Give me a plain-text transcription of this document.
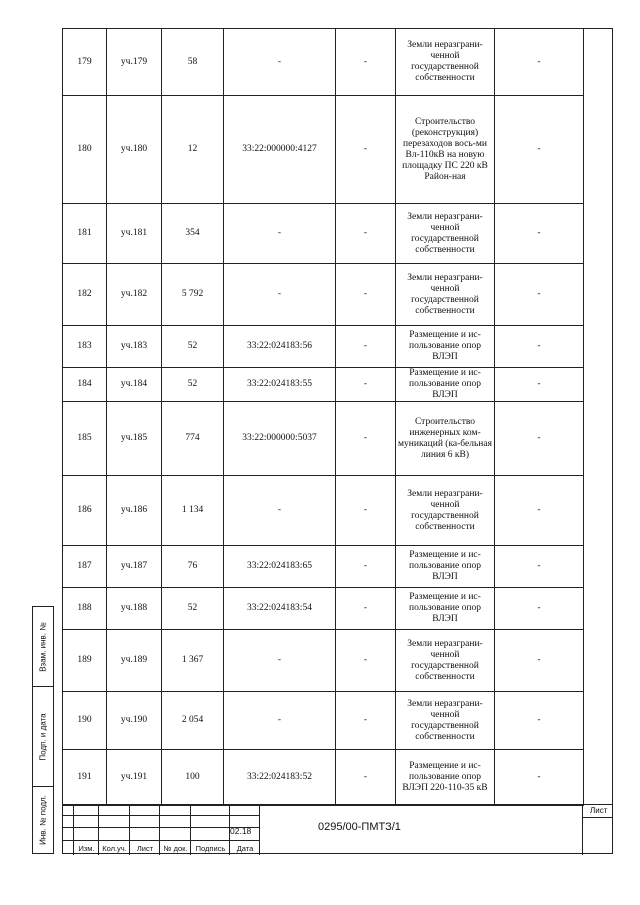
179	уч.179	58	-	-	Земли неразграни-ченной государственной собственности	-
180	уч.180	12	33:22:000000:4127	-	Строительство (реконструкция) перезаходов вось-ми Вл-110кВ на новую площадку ПС 220 кВ Район-ная	-
181	уч.181	354	-	-	Земли неразграни-ченной государственной собственности	-
182	уч.182	5 792	-	-	Земли неразграни-ченной государственной собственности	-
183	уч.183	52	33:22:024183:56	-	Размещение и ис-пользование опор ВЛЭП	-
184	уч.184	52	33:22:024183:55	-	Размещение и ис-пользование опор ВЛЭП	-
185	уч.185	774	33:22:000000:5037	-	Строительство инженерных ком-муникаций (ка-бельная линия 6 кВ)	-
186	уч.186	1 134	-	-	Земли неразграни-ченной государственной собственности	-
187	уч.187	76	33:22:024183:65	-	Размещение и ис-пользование опор ВЛЭП	-
188	уч.188	52	33:22:024183:54	-	Размещение и ис-пользование опор ВЛЭП	-
189	уч.189	1 367	-	-	Земли неразграни-ченной государственной собственности	-
190	уч.190	2 054	-	-	Земли неразграни-ченной государственной собственности	-
191	уч.191	100	33:22:024183:52	-	Размещение и ис-пользование опор ВЛЭП 220-110-35 кВ	-
Взам. инв. №
Подп. и дата
Инв. № подл.
Изм.	Кол.уч.	Лист	№ док.	Подпись	Дата
02.18	0295/00-ПМТЗ/1
Лист
